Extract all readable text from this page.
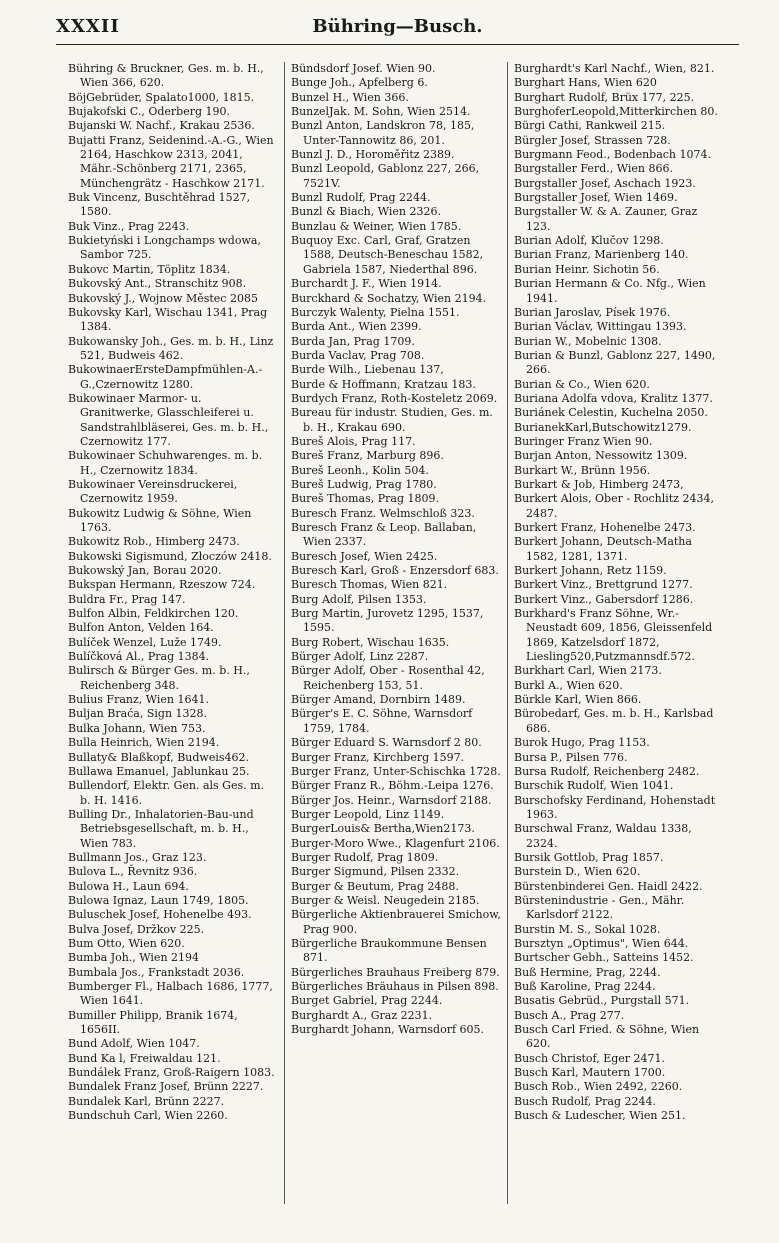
XXXII	Bühring—Busch.

Bühring & Bruckner, Ges. m. b. H., Wien 366, 620.

BöjGebrüder, Spalato1000, 1815.

Bujakofski C., Oderberg 190.

Bujanski W. Nachf., Krakau 2536.

Bujatti Franz, Seidenind.-A.-G., Wien 2164, Haschkow 2313, 2041, Mähr.-Schönberg 2171, 2365, Münchengrätz - Haschkow 2171.

Buk Vincenz, Buschtěhrad 1527, 1580.

Buk Vinz., Prag 2243.

Bukietyński i Longchamps wdowa, Sambor 725.

Bukovc Martin, Töplitz 1834.

Bukovský Ant., Stranschitz 908.

Bukovský J., Wojnow Městec 2085

Bukovsky Karl, Wischau 1341, Prag 1384.

Bukowansky Joh., Ges. m. b. H., Linz 521, Budweis 462.

BukowinaerErsteDampfmühlen-A.-G.,Czernowitz 1280.

Bukowinaer Marmor- u. Granitwerke, Glasschleiferei u. Sandstrahlbläserei, Ges. m. b. H., Czernowitz 177.

Bukowinaer Schuhwarenges. m. b. H., Czernowitz 1834.

Bukowinaer Vereinsdruckerei, Czernowitz 1959.

Bukowitz Ludwig & Söhne, Wien 1763.

Bukowitz Rob., Himberg 2473.

Bukowski Sigismund, Złoczów 2418.

Bukowský Jan, Borau 2020.

Bukspan Hermann, Rzeszow 724.

Buldra Fr., Prag 147.

Bulfon Albin, Feldkirchen 120.

Bulfon Anton, Velden 164.

Bulíček Wenzel, Luže 1749.

Bulíčková Al., Prag 1384.

Bulirsch & Bürger Ges. m. b. H., Reichenberg 348.

Bulius Franz, Wien 1641.

Buljan Braća, Sign 1328.

Bulka Johann, Wien 753.

Bulla Heinrich, Wien 2194.

Bullaty& Blaßkopf, Budweis462.

Bullawa Emanuel, Jablunkau 25.

Bullendorf, Elektr. Gen. als Ges. m. b. H. 1416.

Bulling Dr., Inhalatorien-Bau-und Betriebsgesellschaft, m. b. H., Wien 783.

Bullmann Jos., Graz 123.

Bulova L., Řevnitz 936.

Bulowa H., Laun 694.

Bulowa Ignaz, Laun 1749, 1805.

Buluschek Josef, Hohenelbe 493.

Bulva Josef, Držkov 225.

Bum Otto, Wien 620.

Bumba Joh., Wien 2194

Bumbala Jos., Frankstadt 2036.

Bumberger Fl., Halbach 1686, 1777, Wien 1641.

Bumiller Philipp, Branik 1674, 1656II.

Bund Adolf, Wien 1047.

Bund Ka l, Freiwaldau 121.

Bundálek Franz, Groß-Raigern 1083.

Bundalek Franz Josef, Brünn 2227.

Bundalek Karl, Brünn 2227.

Bundschuh Carl, Wien 2260.

Bündsdorf Josef. Wien 90.

Bunge Joh., Apfelberg 6.

Bunzel H., Wien 366.

BunzelJak. M. Sohn, Wien 2514.

Bunzl Anton, Landskron 78, 185, Unter-Tannowitz 86, 201.

Bunzl J. D., Horoměřitz 2389.

Bunzl Leopold, Gablonz 227, 266, 7521V.

Bunzl Rudolf, Prag 2244.

Bunzl & Biach, Wien 2326.

Bunzlau & Weiner, Wien 1785.

Buquoy Exc. Carl, Graf, Gratzen 1588, Deutsch-Beneschau 1582, Gabriela 1587, Niederthal 896.

Burchardt J. F., Wien 1914.

Burckhard & Sochatzy, Wien 2194.

Burczyk Walenty, Pielna 1551.

Burda Ant., Wien 2399.

Burda Jan, Prag 1709.

Burda Vaclav, Prag 708.

Burde Wilh., Liebenau 137,

Burde & Hoffmann, Kratzau 183.

Burdych Franz, Roth-Kosteletz 2069.

Bureau für industr. Studien, Ges. m. b. H., Krakau 690.

Bureš Alois, Prag 117.

Bureš Franz, Marburg 896.

Bureš Leonh., Kolin 504.

Bureš Ludwig, Prag 1780.

Bureš Thomas, Prag 1809.

Buresch Franz. Welmschloß 323.

Buresch Franz & Leop. Ballaban, Wien 2337.

Buresch Josef, Wien 2425.

Buresch Karl, Groß - Enzersdorf 683.

Buresch Thomas, Wien 821.

Burg Adolf, Pilsen 1353.

Burg Martin, Jurovetz 1295, 1537, 1595.

Burg Robert, Wischau 1635.

Bürger Adolf, Linz 2287.

Bürger Adolf, Ober - Rosenthal 42, Reichenberg 153, 51.

Bürger Amand, Dornbirn 1489.

Bürger's E. C. Söhne, Warnsdorf 1759, 1784.

Bürger Eduard S. Warnsdorf 2 80.

Burger Franz, Kirchberg 1597.

Burger Franz, Unter-Schischka 1728.

Bürger Franz R., Böhm.-Leipa 1276.

Bürger Jos. Heinr., Warnsdorf 2188.

Burger Leopold, Linz 1149.

BurgerLouis& Bertha,Wien2173.

Burger-Moro Wwe., Klagenfurt 2106.

Burger Rudolf, Prag 1809.

Burger Sigmund, Pilsen 2332.

Burger & Beutum, Prag 2488.

Burger & Weisl. Neugedein 2185.

Bürgerliche Aktienbrauerei Smichow, Prag 900.

Bürgerliche Braukommune Bensen 871.

Bürgerliches Brauhaus Freiberg 879.

Bürgerliches Bräuhaus in Pilsen 898.

Burget Gabriel, Prag 2244.

Burghardt A., Graz 2231.

Burghardt Johann, Warnsdorf 605.

Burghardt's Karl Nachf., Wien, 821.

Burghart Hans, Wien 620

Burghart Rudolf, Brüx 177, 225.

BurghoferLeopold,Mitterkirchen 80.

Bürgi Cathi, Rankweil 215.

Bürgler Josef, Strassen 728.

Burgmann Feod., Bodenbach 1074.

Burgstaller Ferd., Wien 866.

Burgstaller Josef, Aschach 1923.

Burgstaller Josef, Wien 1469.

Burgstaller W. & A. Zauner, Graz 123.

Burian Adolf, Klučov 1298.

Burian Franz, Marienberg 140.

Burian Heinr. Sichotin 56.

Burian Hermann & Co. Nfg., Wien 1941.

Burian Jaroslav, Písek 1976.

Burian Václav, Wittingau 1393.

Burian W., Mobelnic 1308.

Burian & Bunzl, Gablonz 227, 1490, 266.

Burian & Co., Wien 620.

Buriana Adolfa vdova, Kralitz 1377.

Buriánek Celestin, Kuchelna 2050.

BurianekKarl,Butschowitz1279.

Buringer Franz Wien 90.

Burjan Anton, Nessowitz 1309.

Burkart W., Brünn 1956.

Burkart & Job, Himberg 2473,

Burkert Alois, Ober - Rochlitz 2434, 2487.

Burkert Franz, Hohenelbe 2473.

Burkert Johann, Deutsch-Matha 1582, 1281, 1371.

Burkert Johann, Retz 1159.

Burkert Vinz., Brettgrund 1277.

Burkert Vinz., Gabersdorf 1286.

Burkhard's Franz Söhne, Wr.-Neustadt 609, 1856, Gleissenfeld 1869, Katzelsdorf 1872, Liesling520,Putzmannsdf.572.

Burkhart Carl, Wien 2173.

Burkl A., Wien 620.

Bürkle Karl, Wien 866.

Bürobedarf, Ges. m. b. H., Karlsbad 686.

Burok Hugo, Prag 1153.

Bursa P., Pilsen 776.

Bursa Rudolf, Reichenberg 2482.

Burschik Rudolf, Wien 1041.

Burschofsky Ferdinand, Hohenstadt 1963.

Burschwal Franz, Waldau 1338, 2324.

Bursik Gottlob, Prag 1857.

Burstein D., Wien 620.

Bürstenbinderei Gen. Haidl 2422.

Bürstenindustrie - Gen., Mähr. Karlsdorf 2122.

Burstin M. S., Sokal 1028.

Bursztyn „Optimus", Wien 644.

Burtscher Gebh., Satteins 1452.

Buß Hermine, Prag, 2244.

Buß Karoline, Prag 2244.

Busatis Gebrüd., Purgstall 571.

Busch A., Prag 277.

Busch Carl Fried. & Söhne, Wien 620.

Busch Christof, Eger 2471.

Busch Karl, Mautern 1700.

Busch Rob., Wien 2492, 2260.

Busch Rudolf, Prag 2244.

Busch & Ludescher, Wien 251.
